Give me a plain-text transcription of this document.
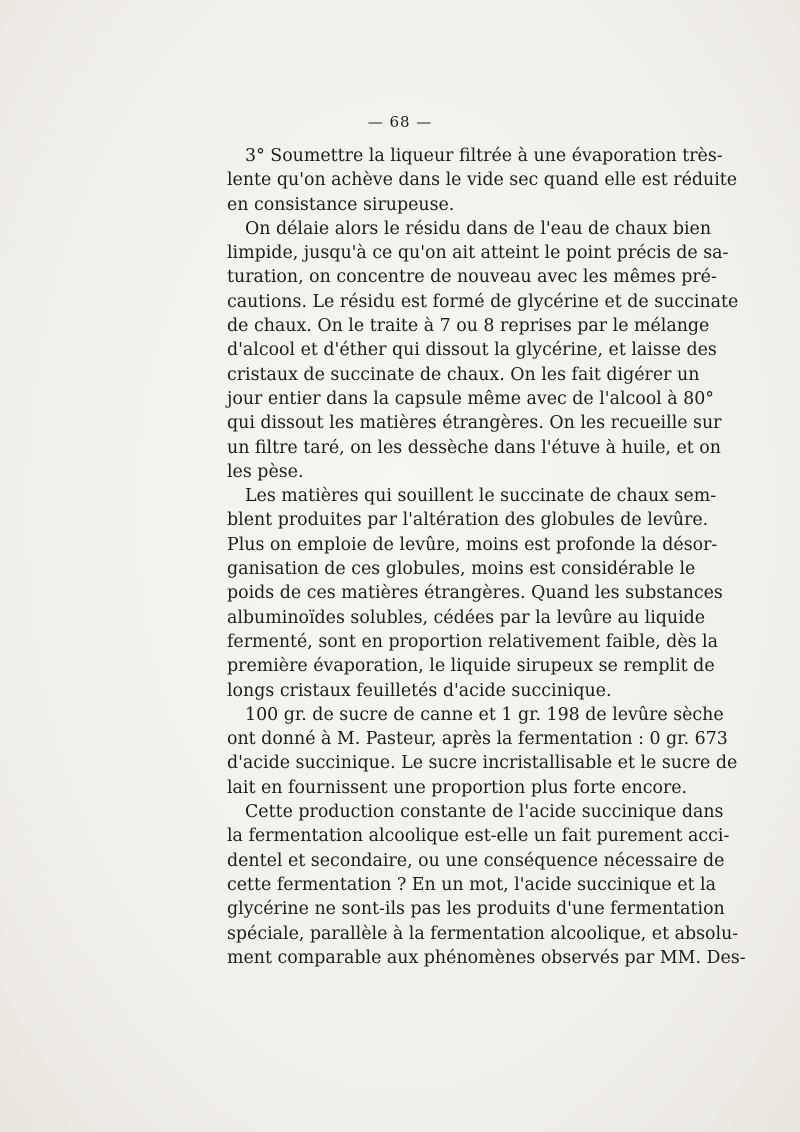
— 68 —
3° Soumettre la liqueur filtrée à une évaporation très-
lente qu'on achève dans le vide sec quand elle est réduite
en consistance sirupeuse.
On délaie alors le résidu dans de l'eau de chaux bien
limpide, jusqu'à ce qu'on ait atteint le point précis de sa-
turation, on concentre de nouveau avec les mêmes pré-
cautions. Le résidu est formé de glycérine et de succinate
de chaux. On le traite à 7 ou 8 reprises par le mélange
d'alcool et d'éther qui dissout la glycérine, et laisse des
cristaux de succinate de chaux. On les fait digérer un
jour entier dans la capsule même avec de l'alcool à 80°
qui dissout les matières étrangères. On les recueille sur
un filtre taré, on les dessèche dans l'étuve à huile, et on
les pèse.
Les matières qui souillent le succinate de chaux sem-
blent produites par l'altération des globules de levûre.
Plus on emploie de levûre, moins est profonde la désor-
ganisation de ces globules, moins est considérable le
poids de ces matières étrangères. Quand les substances
albuminoïdes solubles, cédées par la levûre au liquide
fermenté, sont en proportion relativement faible, dès la
première évaporation, le liquide sirupeux se remplit de
longs cristaux feuilletés d'acide succinique.
100 gr. de sucre de canne et 1 gr. 198 de levûre sèche
ont donné à M. Pasteur, après la fermentation : 0 gr. 673
d'acide succinique. Le sucre incristallisable et le sucre de
lait en fournissent une proportion plus forte encore.
Cette production constante de l'acide succinique dans
la fermentation alcoolique est-elle un fait purement acci-
dentel et secondaire, ou une conséquence nécessaire de
cette fermentation ? En un mot, l'acide succinique et la
glycérine ne sont-ils pas les produits d'une fermentation
spéciale, parallèle à la fermentation alcoolique, et absolu-
ment comparable aux phénomènes observés par MM. Des-
